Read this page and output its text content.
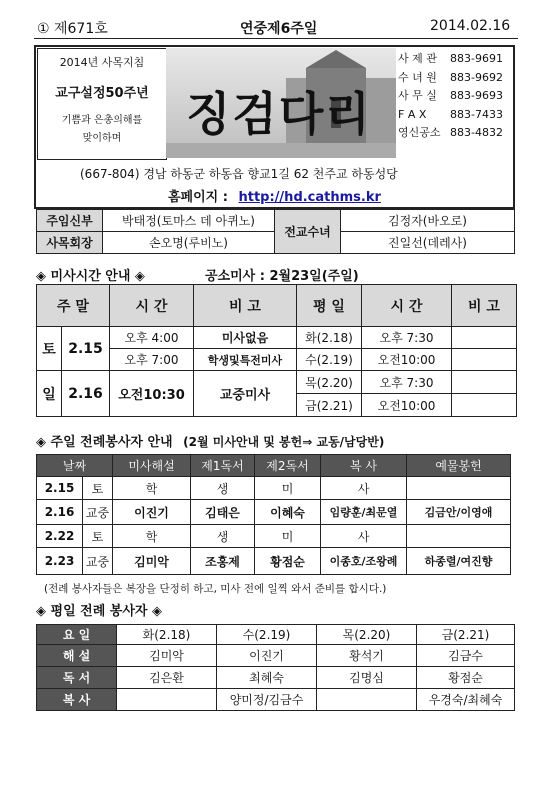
① 제671호	연중제6주일	2014.02.16
2014년 사목지침
교구설정50주년
기쁨과 은총의해를
맞이하며	징검다리
사 제 관 883-9691
수 녀 원 883-9692
사 무 실 883-9693
F A X 883-7433
영신공소 883-4832
(667-804) 경남 하동군 하동읍 향교1길 62 천주교 하동성당
홈페이지 : http://hd.cathms.kr
주임신부	박태정(토마스 데 아퀴노)	전교수녀	김정자(바오로)
사목회장	손오명(루비노)		진일선(데레사)
◈ 미사시간 안내 ◈	공소미사 : 2월23일(주일)
주 말		시 간	비 고	평 일	시 간	비 고
토	2.15	오후 4:00	미사없음	화(2.18)	오후 7:30	
		오후 7:00	학생및특전미사	수(2.19)	오전10:00	
일	2.16	오전10:30	교중미사	목(2.20)	오후 7:30	
				금(2.21)	오전10:00	
◈ 주일 전례봉사자 안내 (2월 미사안내 및 봉헌⇒ 교동/남당반)
날짜		미사해설	제1독서	제2독서	복 사	예물봉헌
2.15	토	학	생	미	사	
2.16	교중	이진기	김태은	이혜숙	임량훈/최문열	김금안/이영애
2.22	토	학	생	미	사	
2.23	교중	김미악	조홍제	황점순	이종호/조왕례	하종렬/여진향
(전례 봉사자들은 복장을 단정히 하고, 미사 전에 일찍 와서 준비를 합시다.)
◈ 평일 전례 봉사자 ◈
요 일	화(2.18)	수(2.19)	목(2.20)	금(2.21)
해 설	김미악	이진기	황석기	김금수
독 서	김은환	최혜숙	김명심	황점순
복 사		양미정/김금수		우경숙/최혜숙
